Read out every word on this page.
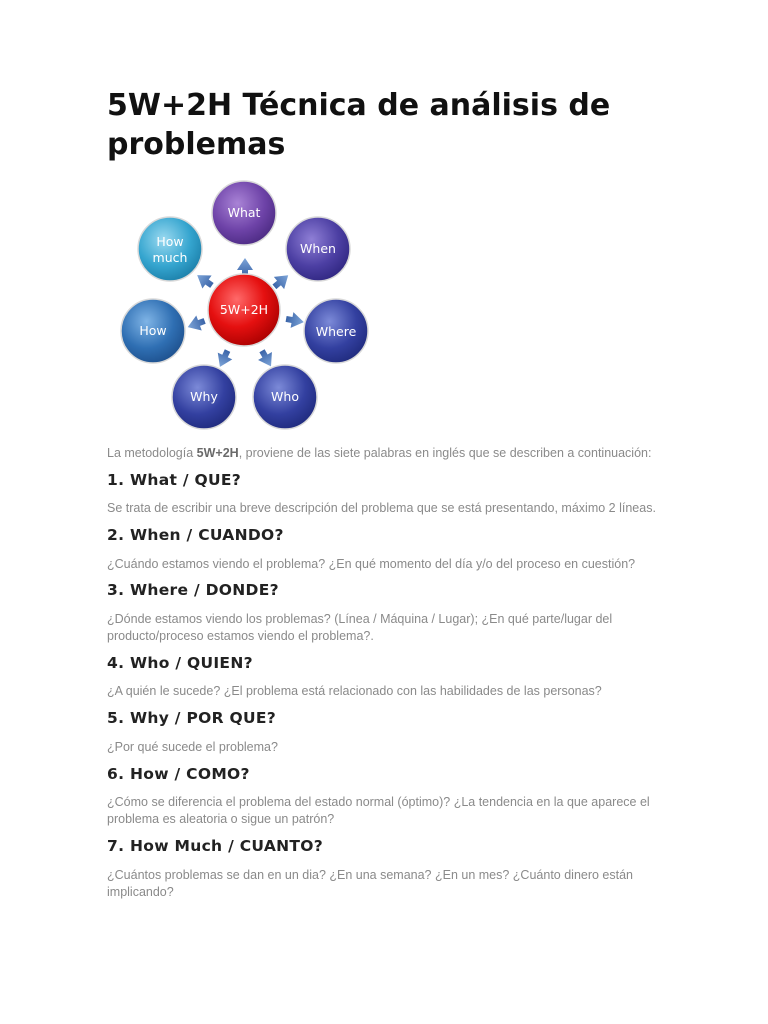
5W+2H Técnica de análisis de problemas
5W+2H
What
When
Where
Who
Why
How
How
much

La metodología 5W+2H, proviene de las siete palabras en inglés que se describen a continuación:

1. What / QUE?

Se trata de escribir una breve descripción del problema que se está presentando, máximo 2 líneas.

2. When / CUANDO?

¿Cuándo estamos viendo el problema? ¿En qué momento del día y/o del proceso en cuestión?

3. Where / DONDE?

¿Dónde estamos viendo los problemas? (Línea / Máquina / Lugar); ¿En qué parte/lugar del producto/proceso estamos viendo el problema?.

4. Who / QUIEN?

¿A quién le sucede? ¿El problema está relacionado con las habilidades de las personas?

5. Why / POR QUE?

¿Por qué sucede el problema?

6. How / COMO?

¿Cómo se diferencia el problema del estado normal (óptimo)? ¿La tendencia en la que aparece el problema es aleatoria o sigue un patrón?

7. How Much / CUANTO?

¿Cuántos problemas se dan en un dia? ¿En una semana? ¿En un mes? ¿Cuánto dinero están implicando?
